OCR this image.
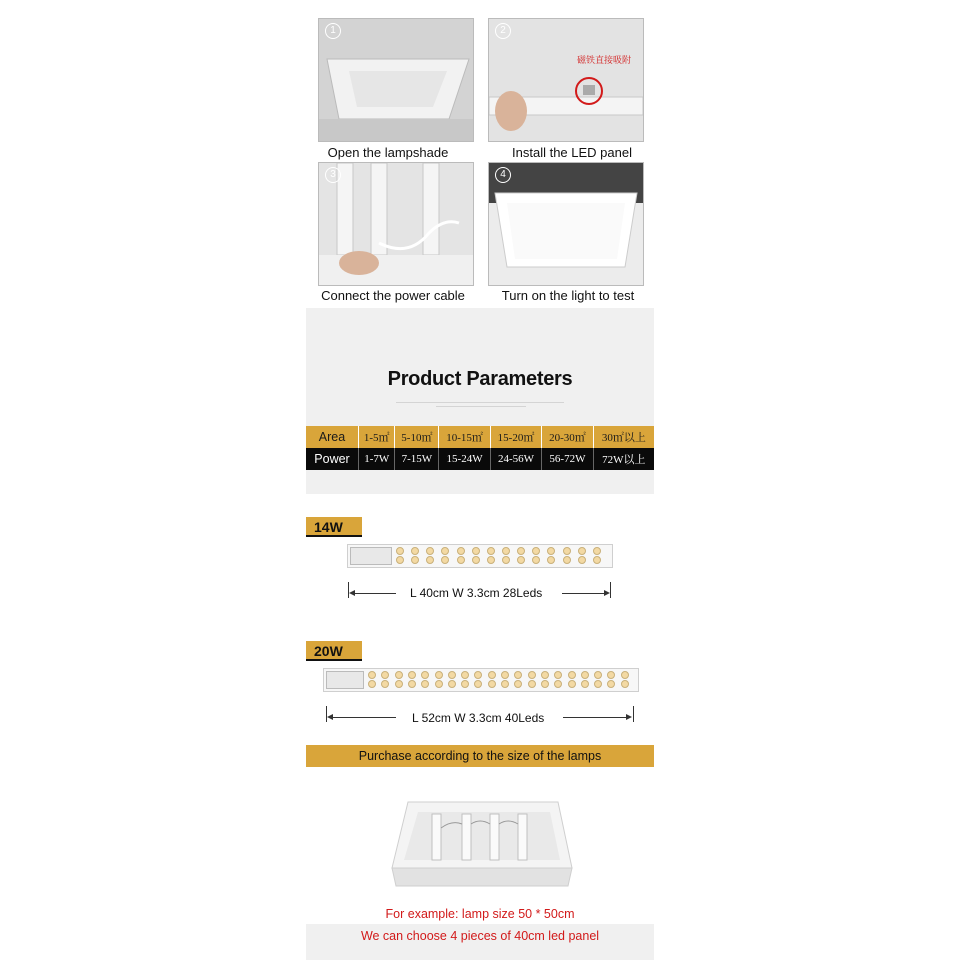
1
Open the lampshade
2
磁铁直接吸附
Install the LED panel
3
Connect the power cable
4
Turn on the light to test
Product Parameters
Area	1-5㎡	5-10㎡	10-15㎡	15-20㎡	20-30㎡	30㎡以上
Power	1-7W	7-15W	15-24W	24-56W	56-72W	72W以上
14W
L 40cm W 3.3cm 28Leds
20W
L 52cm W 3.3cm 40Leds
Purchase according to the size of the lamps
For example: lamp size 50 * 50cm
We can choose 4 pieces of 40cm led panel
